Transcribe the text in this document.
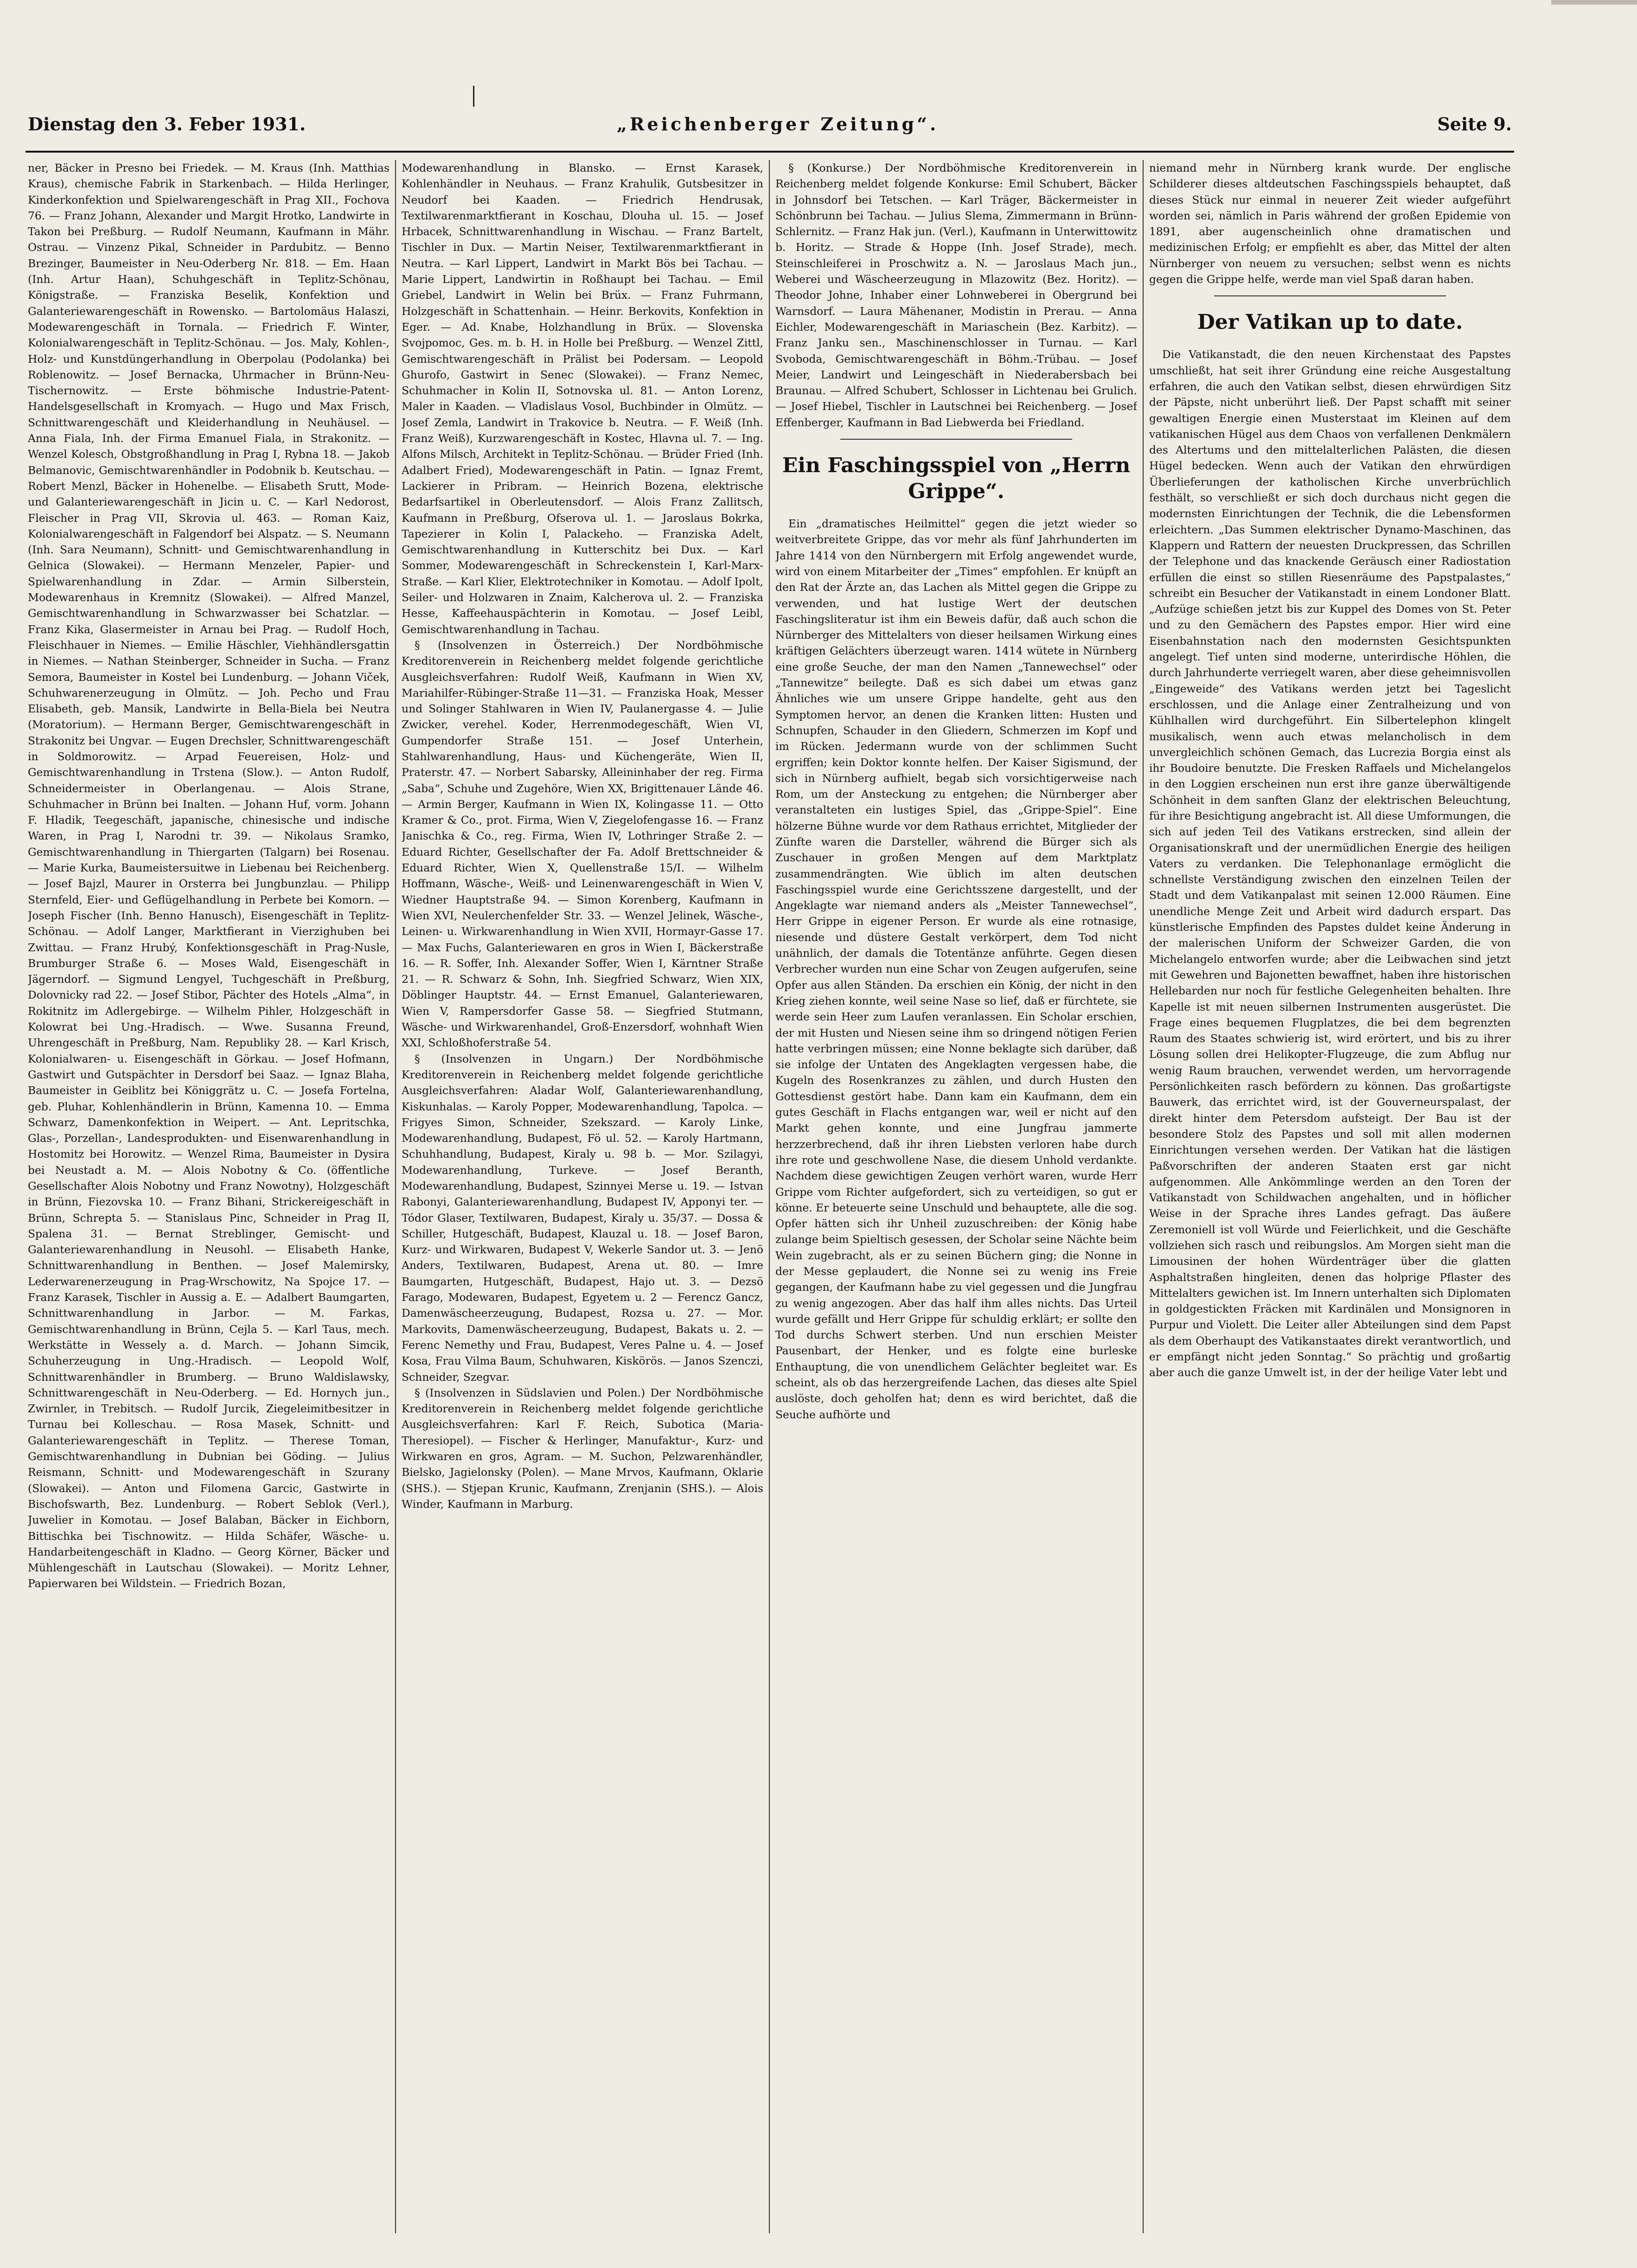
Dienstag den 3. Feber 1931.	„Reichenberger Zeitung“.	Seite 9.

ner, Bäcker in Presno bei Friedek. — M. Kraus (Inh. Matthias Kraus), chemische Fabrik in Starkenbach. — Hilda Herlinger, Kinderkonfektion und Spielwarengeschäft in Prag XII., Fochova 76. — Franz Johann, Alexander und Margit Hrotko, Landwirte in Takon bei Preßburg. — Rudolf Neumann, Kaufmann in Mähr. Ostrau. — Vinzenz Pikal, Schneider in Pardubitz. — Benno Brezinger, Baumeister in Neu-Oderberg Nr. 818. — Em. Haan (Inh. Artur Haan), Schuhgeschäft in Teplitz-Schönau, Königstraße. — Franziska Beselik, Konfektion und Galanteriewarengeschäft in Rowensko. — Bartolomäus Halaszi, Modewarengeschäft in Tornala. — Friedrich F. Winter, Kolonialwarengeschäft in Teplitz-Schönau. — Jos. Maly, Kohlen-, Holz- und Kunstdüngerhandlung in Oberpolau (Podolanka) bei Roblenowitz. — Josef Bernacka, Uhrmacher in Brünn-Neu-Tischernowitz. — Erste böhmische Industrie-Patent-Handelsgesellschaft in Kromyach. — Hugo und Max Frisch, Schnittwarengeschäft und Kleiderhandlung in Neuhäusel. — Anna Fiala, Inh. der Firma Emanuel Fiala, in Strakonitz. — Wenzel Kolesch, Obstgroßhandlung in Prag I, Rybna 18. — Jakob Belmanovic, Gemischtwarenhändler in Podobnik b. Keutschau. — Robert Menzl, Bäcker in Hohenelbe. — Elisabeth Srutt, Mode- und Galanteriewarengeschäft in Jicin u. C. — Karl Nedorost, Fleischer in Prag VII, Skrovia ul. 463. — Roman Kaiz, Kolonialwarengeschäft in Falgendorf bei Alspatz. — S. Neumann (Inh. Sara Neumann), Schnitt- und Gemischtwarenhandlung in Gelnica (Slowakei). — Hermann Menzeler, Papier- und Spielwarenhandlung in Zdar. — Armin Silberstein, Modewarenhaus in Kremnitz (Slowakei). — Alfred Manzel, Gemischtwarenhandlung in Schwarzwasser bei Schatzlar. — Franz Kika, Glasermeister in Arnau bei Prag. — Rudolf Hoch, Fleischhauer in Niemes. — Emilie Häschler, Viehhändlersgattin in Niemes. — Nathan Steinberger, Schneider in Sucha. — Franz Semora, Baumeister in Kostel bei Lundenburg. — Johann Viček, Schuhwarenerzeugung in Olmütz. — Joh. Pecho und Frau Elisabeth, geb. Mansik, Landwirte in Bella-Biela bei Neutra (Moratorium). — Hermann Berger, Gemischtwarengeschäft in Strakonitz bei Ungvar. — Eugen Drechsler, Schnittwarengeschäft in Soldmorowitz. — Arpad Feuereisen, Holz- und Gemischtwarenhandlung in Trstena (Slow.). — Anton Rudolf, Schneidermeister in Oberlangenau. — Alois Strane, Schuhmacher in Brünn bei Inalten. — Johann Huf, vorm. Johann F. Hladik, Teegeschäft, japanische, chinesische und indische Waren, in Prag I, Narodni tr. 39. — Nikolaus Sramko, Gemischtwarenhandlung in Thiergarten (Talgarn) bei Rosenau. — Marie Kurka, Baumeistersuitwe in Liebenau bei Reichenberg. — Josef Bajzl, Maurer in Orsterra bei Jungbunzlau. — Philipp Sternfeld, Eier- und Geflügelhandlung in Perbete bei Komorn. — Joseph Fischer (Inh. Benno Hanusch), Eisengeschäft in Teplitz-Schönau. — Adolf Langer, Marktfierant in Vierzighuben bei Zwittau. — Franz Hrubý, Konfektionsgeschäft in Prag-Nusle, Brumburger Straße 6. — Moses Wald, Eisengeschäft in Jägerndorf. — Sigmund Lengyel, Tuchgeschäft in Preßburg, Dolovnicky rad 22. — Josef Stibor, Pächter des Hotels „Alma“, in Rokitnitz im Adlergebirge. — Wilhelm Pihler, Holzgeschäft in Kolowrat bei Ung.-Hradisch. — Wwe. Susanna Freund, Uhrengeschäft in Preßburg, Nam. Republiky 28. — Karl Krisch, Kolonialwaren- u. Eisengeschäft in Görkau. — Josef Hofmann, Gastwirt und Gutspächter in Dersdorf bei Saaz. — Ignaz Blaha, Baumeister in Geiblitz bei Königgrätz u. C. — Josefa Fortelna, geb. Pluhar, Kohlenhändlerin in Brünn, Kamenna 10. — Emma Schwarz, Damenkonfektion in Weipert. — Ant. Lepritschka, Glas-, Porzellan-, Landesprodukten- und Eisenwarenhandlung in Hostomitz bei Horowitz. — Wenzel Rima, Baumeister in Dysira bei Neustadt a. M. — Alois Nobotny & Co. (öffentliche Gesellschafter Alois Nobotny und Franz Nowotny), Holzgeschäft in Brünn, Fiezovska 10. — Franz Bihani, Strickereigeschäft in Brünn, Schrepta 5. — Stanislaus Pinc, Schneider in Prag II, Spalena 31. — Bernat Streblinger, Gemischt- und Galanteriewarenhandlung in Neusohl. — Elisabeth Hanke, Schnittwarenhandlung in Benthen. — Josef Malemirsky, Lederwarenerzeugung in Prag-Wrschowitz, Na Spojce 17. — Franz Karasek, Tischler in Aussig a. E. — Adalbert Baumgarten, Schnittwarenhandlung in Jarbor. — M. Farkas, Gemischtwarenhandlung in Brünn, Cejla 5. — Karl Taus, mech. Werkstätte in Wessely a. d. March. — Johann Simcik, Schuherzeugung in Ung.-Hradisch. — Leopold Wolf, Schnittwarenhändler in Brumberg. — Bruno Waldislawsky, Schnittwarengeschäft in Neu-Oderberg. — Ed. Hornych jun., Zwirnler, in Trebitsch. — Rudolf Jurcik, Ziegeleimitbesitzer in Turnau bei Kolleschau. — Rosa Masek, Schnitt- und Galanteriewarengeschäft in Teplitz. — Therese Toman, Gemischtwarenhandlung in Dubnian bei Göding. — Julius Reismann, Schnitt- und Modewarengeschäft in Szurany (Slowakei). — Anton und Filomena Garcic, Gastwirte in Bischofswarth, Bez. Lundenburg. — Robert Seblok (Verl.), Juwelier in Komotau. — Josef Balaban, Bäcker in Eichborn, Bittischka bei Tischnowitz. — Hilda Schäfer, Wäsche- u. Handarbeitengeschäft in Kladno. — Georg Körner, Bäcker und Mühlengeschäft in Lautschau (Slowakei). — Moritz Lehner, Papierwaren bei Wildstein. — Friedrich Bozan,

Modewarenhandlung in Blansko. — Ernst Karasek, Kohlenhändler in Neuhaus. — Franz Krahulik, Gutsbesitzer in Neudorf bei Kaaden. — Friedrich Hendrusak, Textilwarenmarktfierant in Koschau, Dlouha ul. 15. — Josef Hrbacek, Schnittwarenhandlung in Wischau. — Franz Bartelt, Tischler in Dux. — Martin Neiser, Textilwarenmarktfierant in Neutra. — Karl Lippert, Landwirt in Markt Bös bei Tachau. — Marie Lippert, Landwirtin in Roßhaupt bei Tachau. — Emil Griebel, Landwirt in Welin bei Brüx. — Franz Fuhrmann, Holzgeschäft in Schattenhain. — Heinr. Berkovits, Konfektion in Eger. — Ad. Knabe, Holzhandlung in Brüx. — Slovenska Svojpomoc, Ges. m. b. H. in Holle bei Preßburg. — Wenzel Zittl, Gemischtwarengeschäft in Prälist bei Podersam. — Leopold Ghurofo, Gastwirt in Senec (Slowakei). — Franz Nemec, Schuhmacher in Kolin II, Sotnovska ul. 81. — Anton Lorenz, Maler in Kaaden. — Vladislaus Vosol, Buchbinder in Olmütz. — Josef Zemla, Landwirt in Trakovice b. Neutra. — F. Weiß (Inh. Franz Weiß), Kurzwarengeschäft in Kostec, Hlavna ul. 7. — Ing. Alfons Milsch, Architekt in Teplitz-Schönau. — Brüder Fried (Inh. Adalbert Fried), Modewarengeschäft in Patin. — Ignaz Fremt, Lackierer in Pribram. — Heinrich Bozena, elektrische Bedarfsartikel in Oberleutensdorf. — Alois Franz Zallitsch, Kaufmann in Preßburg, Ofserova ul. 1. — Jaroslaus Bokrka, Tapezierer in Kolin I, Palackeho. — Franziska Adelt, Gemischtwarenhandlung in Kutterschitz bei Dux. — Karl Sommer, Modewarengeschäft in Schreckenstein I, Karl-Marx-Straße. — Karl Klier, Elektrotechniker in Komotau. — Adolf Ipolt, Seiler- und Holzwaren in Znaim, Kalcherova ul. 2. — Franziska Hesse, Kaffeehauspächterin in Komotau. — Josef Leibl, Gemischtwarenhandlung in Tachau.

§ (Insolvenzen in Österreich.) Der Nordböhmische Kreditorenverein in Reichenberg meldet folgende gerichtliche Ausgleichsverfahren: Rudolf Weiß, Kaufmann in Wien XV, Mariahilfer-Rübinger-Straße 11—31. — Franziska Hoak, Messer und Solinger Stahlwaren in Wien IV, Paulanergasse 4. — Julie Zwicker, verehel. Koder, Herrenmodegeschäft, Wien VI, Gumpendorfer Straße 151. — Josef Unterhein, Stahlwarenhandlung, Haus- und Küchengeräte, Wien II, Praterstr. 47. — Norbert Sabarsky, Alleininhaber der reg. Firma „Saba“, Schuhe und Zugehöre, Wien XX, Brigittenauer Lände 46. — Armin Berger, Kaufmann in Wien IX, Kolingasse 11. — Otto Kramer & Co., prot. Firma, Wien V, Ziegelofengasse 16. — Franz Janischka & Co., reg. Firma, Wien IV, Lothringer Straße 2. — Eduard Richter, Gesellschafter der Fa. Adolf Brettschneider & Eduard Richter, Wien X, Quellenstraße 15/I. — Wilhelm Hoffmann, Wäsche-, Weiß- und Leinenwarengeschäft in Wien V, Wiedner Hauptstraße 94. — Simon Korenberg, Kaufmann in Wien XVI, Neulerchenfelder Str. 33. — Wenzel Jelinek, Wäsche-, Leinen- u. Wirkwarenhandlung in Wien XVII, Hormayr-Gasse 17. — Max Fuchs, Galanteriewaren en gros in Wien I, Bäckerstraße 16. — R. Soffer, Inh. Alexander Soffer, Wien I, Kärntner Straße 21. — R. Schwarz & Sohn, Inh. Siegfried Schwarz, Wien XIX, Döblinger Hauptstr. 44. — Ernst Emanuel, Galanteriewaren, Wien V, Rampersdorfer Gasse 58. — Siegfried Stutmann, Wäsche- und Wirkwarenhandel, Groß-Enzersdorf, wohnhaft Wien XXI, Schloßhoferstraße 54.

§ (Insolvenzen in Ungarn.) Der Nordböhmische Kreditorenverein in Reichenberg meldet folgende gerichtliche Ausgleichsverfahren: Aladar Wolf, Galanteriewarenhandlung, Kiskunhalas. — Karoly Popper, Modewarenhandlung, Tapolca. — Frigyes Simon, Schneider, Szekszard. — Karoly Linke, Modewarenhandlung, Budapest, Fö ul. 52. — Karoly Hartmann, Schuhhandlung, Budapest, Kiraly u. 98 b. — Mor. Szilagyi, Modewarenhandlung, Turkeve. — Josef Beranth, Modewarenhandlung, Budapest, Szinnyei Merse u. 19. — Istvan Rabonyi, Galanteriewarenhandlung, Budapest IV, Apponyi ter. — Tódor Glaser, Textilwaren, Budapest, Kiraly u. 35/37. — Dossa & Schiller, Hutgeschäft, Budapest, Klauzal u. 18. — Josef Baron, Kurz- und Wirkwaren, Budapest V, Wekerle Sandor ut. 3. — Jenö Anders, Textilwaren, Budapest, Arena ut. 80. — Imre Baumgarten, Hutgeschäft, Budapest, Hajo ut. 3. — Dezsö Farago, Modewaren, Budapest, Egyetem u. 2 — Ferencz Gancz, Damenwäscheerzeugung, Budapest, Rozsa u. 27. — Mor. Markovits, Damenwäscheerzeugung, Budapest, Bakats u. 2. — Ferenc Nemethy und Frau, Budapest, Veres Palne u. 4. — Josef Kosa, Frau Vilma Baum, Schuhwaren, Kiskörös. — Janos Szenczi, Schneider, Szegvar.

§ (Insolvenzen in Südslavien und Polen.) Der Nordböhmische Kreditorenverein in Reichenberg meldet folgende gerichtliche Ausgleichsverfahren: Karl F. Reich, Subotica (Maria-Theresiopel). — Fischer & Herlinger, Manufaktur-, Kurz- und Wirkwaren en gros, Agram. — M. Suchon, Pelzwarenhändler, Bielsko, Jagielonsky (Polen). — Mane Mrvos, Kaufmann, Oklarie (SHS.). — Stjepan Krunic, Kaufmann, Zrenjanin (SHS.). — Alois Winder, Kaufmann in Marburg.

§ (Konkurse.) Der Nordböhmische Kreditorenverein in Reichenberg meldet folgende Konkurse: Emil Schubert, Bäcker in Johnsdorf bei Tetschen. — Karl Träger, Bäckermeister in Schönbrunn bei Tachau. — Julius Slema, Zimmermann in Brünn-Schlernitz. — Franz Hak jun. (Verl.), Kaufmann in Unterwittowitz b. Horitz. — Strade & Hoppe (Inh. Josef Strade), mech. Steinschleiferei in Proschwitz a. N. — Jaroslaus Mach jun., Weberei und Wäscheerzeugung in Mlazowitz (Bez. Horitz). — Theodor Johne, Inhaber einer Lohnweberei in Obergrund bei Warnsdorf. — Laura Mähenaner, Modistin in Prerau. — Anna Eichler, Modewarengeschäft in Mariaschein (Bez. Karbitz). — Franz Janku sen., Maschinenschlosser in Turnau. — Karl Svoboda, Gemischtwarengeschäft in Böhm.-Trübau. — Josef Meier, Landwirt und Leingeschäft in Niederabersbach bei Braunau. — Alfred Schubert, Schlosser in Lichtenau bei Grulich. — Josef Hiebel, Tischler in Lautschnei bei Reichenberg. — Josef Effenberger, Kaufmann in Bad Liebwerda bei Friedland.

Ein Faschingsspiel von „Herrn Grippe“.

Ein „dramatisches Heilmittel“ gegen die jetzt wieder so weitverbreitete Grippe, das vor mehr als fünf Jahrhunderten im Jahre 1414 von den Nürnbergern mit Erfolg angewendet wurde, wird von einem Mitarbeiter der „Times“ empfohlen. Er knüpft an den Rat der Ärzte an, das Lachen als Mittel gegen die Grippe zu verwenden, und hat lustige Wert der deutschen Faschingsliteratur ist ihm ein Beweis dafür, daß auch schon die Nürnberger des Mittelalters von dieser heilsamen Wirkung eines kräftigen Gelächters überzeugt waren. 1414 wütete in Nürnberg eine große Seuche, der man den Namen „Tannewechsel“ oder „Tannewitze“ beilegte. Daß es sich dabei um etwas ganz Ähnliches wie um unsere Grippe handelte, geht aus den Symptomen hervor, an denen die Kranken litten: Husten und Schnupfen, Schauder in den Gliedern, Schmerzen im Kopf und im Rücken. Jedermann wurde von der schlimmen Sucht ergriffen; kein Doktor konnte helfen. Der Kaiser Sigismund, der sich in Nürnberg aufhielt, begab sich vorsichtigerweise nach Rom, um der Ansteckung zu entgehen; die Nürnberger aber veranstalteten ein lustiges Spiel, das „Grippe-Spiel“. Eine hölzerne Bühne wurde vor dem Rathaus errichtet, Mitglieder der Zünfte waren die Darsteller, während die Bürger sich als Zuschauer in großen Mengen auf dem Marktplatz zusammendrängten. Wie üblich im alten deutschen Faschingsspiel wurde eine Gerichtsszene dargestellt, und der Angeklagte war niemand anders als „Meister Tannewechsel“, Herr Grippe in eigener Person. Er wurde als eine rotnasige, niesende und düstere Gestalt verkörpert, dem Tod nicht unähnlich, der damals die Totentänze anführte. Gegen diesen Verbrecher wurden nun eine Schar von Zeugen aufgerufen, seine Opfer aus allen Ständen. Da erschien ein König, der nicht in den Krieg ziehen konnte, weil seine Nase so lief, daß er fürchtete, sie werde sein Heer zum Laufen veranlassen. Ein Scholar erschien, der mit Husten und Niesen seine ihm so dringend nötigen Ferien hatte verbringen müssen; eine Nonne beklagte sich darüber, daß sie infolge der Untaten des Angeklagten vergessen habe, die Kugeln des Rosenkranzes zu zählen, und durch Husten den Gottesdienst gestört habe. Dann kam ein Kaufmann, dem ein gutes Geschäft in Flachs entgangen war, weil er nicht auf den Markt gehen konnte, und eine Jungfrau jammerte herzzerbrechend, daß ihr ihren Liebsten verloren habe durch ihre rote und geschwollene Nase, die diesem Unhold verdankte. Nachdem diese gewichtigen Zeugen verhört waren, wurde Herr Grippe vom Richter aufgefordert, sich zu verteidigen, so gut er könne. Er beteuerte seine Unschuld und behauptete, alle die sog. Opfer hätten sich ihr Unheil zuzuschreiben: der König habe zulange beim Spieltisch gesessen, der Scholar seine Nächte beim Wein zugebracht, als er zu seinen Büchern ging; die Nonne in der Messe geplaudert, die Nonne sei zu wenig ins Freie gegangen, der Kaufmann habe zu viel gegessen und die Jungfrau zu wenig angezogen. Aber das half ihm alles nichts. Das Urteil wurde gefällt und Herr Grippe für schuldig erklärt; er sollte den Tod durchs Schwert sterben. Und nun erschien Meister Pausenbart, der Henker, und es folgte eine burleske Enthauptung, die von unendlichem Gelächter begleitet war. Es scheint, als ob das herzergreifende Lachen, das dieses alte Spiel auslöste, doch geholfen hat; denn es wird berichtet, daß die Seuche aufhörte und

niemand mehr in Nürnberg krank wurde. Der englische Schilderer dieses altdeutschen Faschingsspiels behauptet, daß dieses Stück nur einmal in neuerer Zeit wieder aufgeführt worden sei, nämlich in Paris während der großen Epidemie von 1891, aber augenscheinlich ohne dramatischen und medizinischen Erfolg; er empfiehlt es aber, das Mittel der alten Nürnberger von neuem zu versuchen; selbst wenn es nichts gegen die Grippe helfe, werde man viel Spaß daran haben.

Der Vatikan up to date.

Die Vatikanstadt, die den neuen Kirchenstaat des Papstes umschließt, hat seit ihrer Gründung eine reiche Ausgestaltung erfahren, die auch den Vatikan selbst, diesen ehrwürdigen Sitz der Päpste, nicht unberührt ließ. Der Papst schafft mit seiner gewaltigen Energie einen Musterstaat im Kleinen auf dem vatikanischen Hügel aus dem Chaos von verfallenen Denkmälern des Altertums und den mittelalterlichen Palästen, die diesen Hügel bedecken. Wenn auch der Vatikan den ehrwürdigen Überlieferungen der katholischen Kirche unverbrüchlich festhält, so verschließt er sich doch durchaus nicht gegen die modernsten Einrichtungen der Technik, die die Lebensformen erleichtern. „Das Summen elektrischer Dynamo-Maschinen, das Klappern und Rattern der neuesten Druckpressen, das Schrillen der Telephone und das knackende Geräusch einer Radiostation erfüllen die einst so stillen Riesenräume des Papstpalastes,“ schreibt ein Besucher der Vatikanstadt in einem Londoner Blatt. „Aufzüge schießen jetzt bis zur Kuppel des Domes von St. Peter und zu den Gemächern des Papstes empor. Hier wird eine Eisenbahnstation nach den modernsten Gesichtspunkten angelegt. Tief unten sind moderne, unterirdische Höhlen, die durch Jahrhunderte verriegelt waren, aber diese geheimnisvollen „Eingeweide“ des Vatikans werden jetzt bei Tageslicht erschlossen, und die Anlage einer Zentralheizung und von Kühlhallen wird durchgeführt. Ein Silbertelephon klingelt musikalisch, wenn auch etwas melancholisch in dem unvergleichlich schönen Gemach, das Lucrezia Borgia einst als ihr Boudoire benutzte. Die Fresken Raffaels und Michelangelos in den Loggien erscheinen nun erst ihre ganze überwältigende Schönheit in dem sanften Glanz der elektrischen Beleuchtung, für ihre Besichtigung angebracht ist. All diese Umformungen, die sich auf jeden Teil des Vatikans erstrecken, sind allein der Organisationskraft und der unermüdlichen Energie des heiligen Vaters zu verdanken. Die Telephonanlage ermöglicht die schnellste Verständigung zwischen den einzelnen Teilen der Stadt und dem Vatikanpalast mit seinen 12.000 Räumen. Eine unendliche Menge Zeit und Arbeit wird dadurch erspart. Das künstlerische Empfinden des Papstes duldet keine Änderung in der malerischen Uniform der Schweizer Garden, die von Michelangelo entworfen wurde; aber die Leibwachen sind jetzt mit Gewehren und Bajonetten bewaffnet, haben ihre historischen Hellebarden nur noch für festliche Gelegenheiten behalten. Ihre Kapelle ist mit neuen silbernen Instrumenten ausgerüstet. Die Frage eines bequemen Flugplatzes, die bei dem begrenzten Raum des Staates schwierig ist, wird erörtert, und bis zu ihrer Lösung sollen drei Helikopter-Flugzeuge, die zum Abflug nur wenig Raum brauchen, verwendet werden, um hervorragende Persönlichkeiten rasch befördern zu können. Das großartigste Bauwerk, das errichtet wird, ist der Gouverneurspalast, der direkt hinter dem Petersdom aufsteigt. Der Bau ist der besondere Stolz des Papstes und soll mit allen modernen Einrichtungen versehen werden. Der Vatikan hat die lästigen Paßvorschriften der anderen Staaten erst gar nicht aufgenommen. Alle Ankömmlinge werden an den Toren der Vatikanstadt von Schildwachen angehalten, und in höflicher Weise in der Sprache ihres Landes gefragt. Das äußere Zeremoniell ist voll Würde und Feierlichkeit, und die Geschäfte vollziehen sich rasch und reibungslos. Am Morgen sieht man die Limousinen der hohen Würdenträger über die glatten Asphaltstraßen hingleiten, denen das holprige Pflaster des Mittelalters gewichen ist. Im Innern unterhalten sich Diplomaten in goldgestickten Fräcken mit Kardinälen und Monsignoren in Purpur und Violett. Die Leiter aller Abteilungen sind dem Papst als dem Oberhaupt des Vatikanstaates direkt verantwortlich, und er empfängt nicht jeden Sonntag.“ So prächtig und großartig aber auch die ganze Umwelt ist, in der der heilige Vater lebt und
